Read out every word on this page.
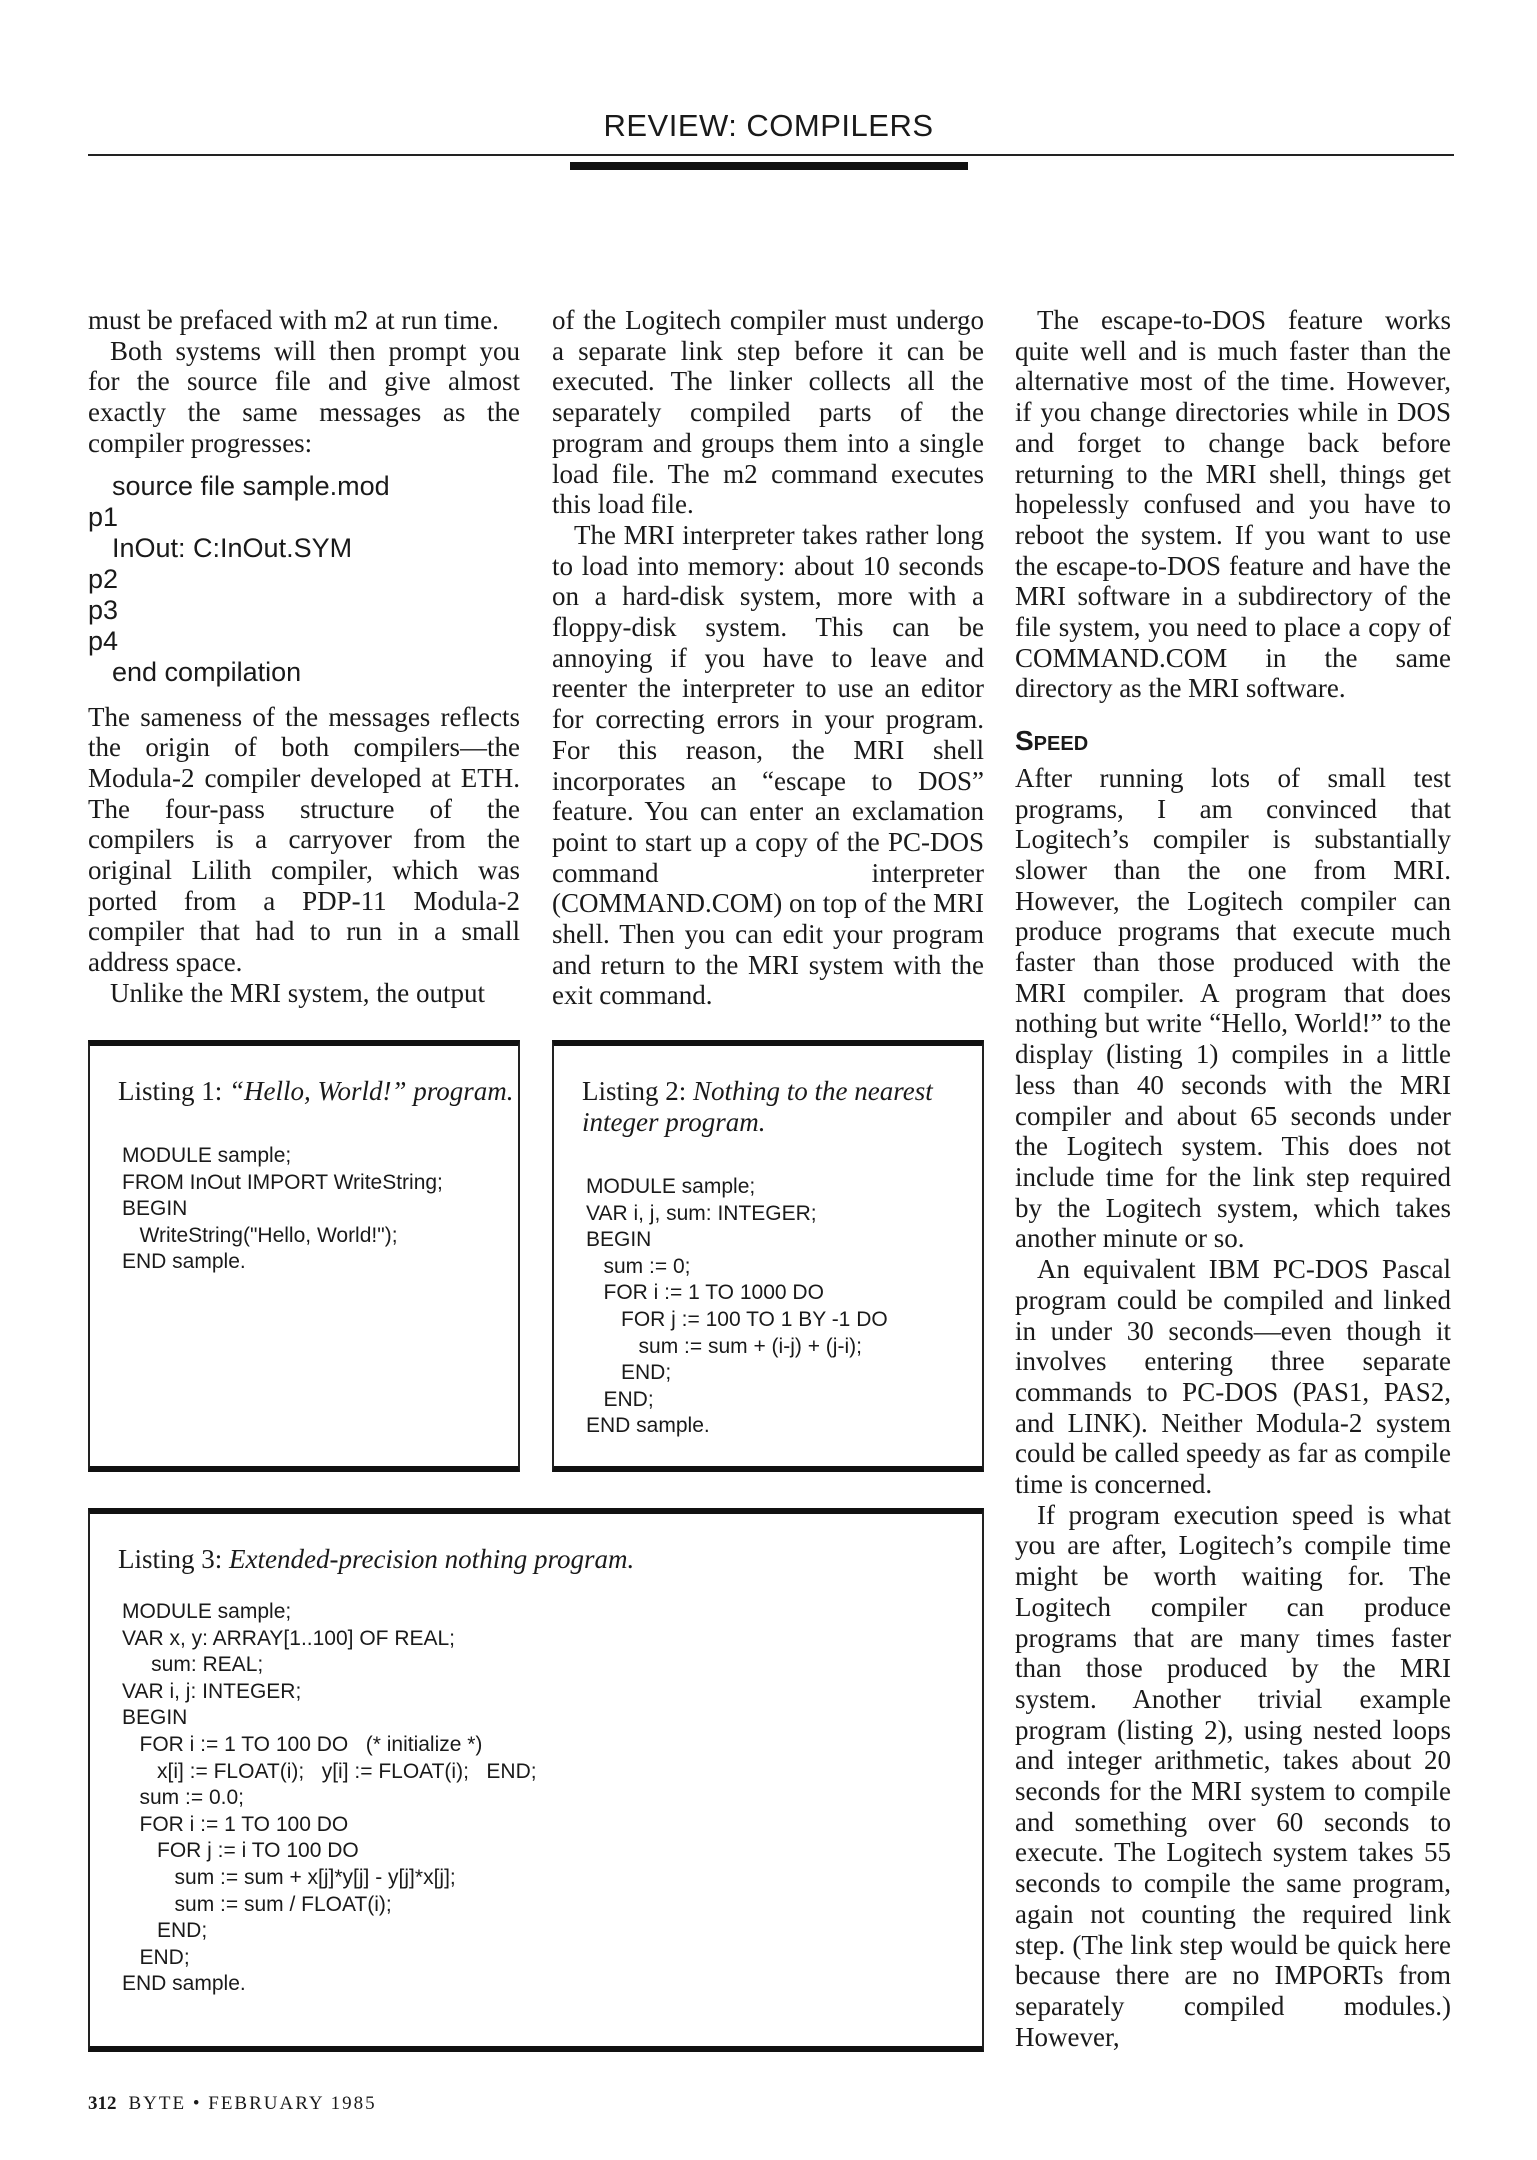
REVIEW: COMPILERS

must be prefaced with m2 at run time.

Both systems will then prompt you for the source file and give almost exactly the same messages as the compiler progresses:

source file sample.mod
p1
InOut: C:InOut.SYM
p2
p3
p4
end compilation

The sameness of the messages reflects the origin of both compilers—the Modula-2 compiler developed at ETH. The four-pass structure of the compilers is a carryover from the original Lilith compiler, which was ported from a PDP-11 Modula-2 compiler that had to run in a small address space.

Unlike the MRI system, the output

of the Logitech compiler must undergo a separate link step before it can be executed. The linker collects all the separately compiled parts of the program and groups them into a single load file. The m2 command executes this load file.

The MRI interpreter takes rather long to load into memory: about 10 seconds on a hard-disk system, more with a floppy-disk system. This can be annoying if you have to leave and reenter the interpreter to use an editor for correcting errors in your program. For this reason, the MRI shell incorporates an “escape to DOS” feature. You can enter an exclamation point to start up a copy of the PC-DOS command interpreter (COMMAND.COM) on top of the MRI shell. Then you can edit your program and return to the MRI system with the exit command.

The escape-to-DOS feature works quite well and is much faster than the alternative most of the time. However, if you change directories while in DOS and forget to change back before returning to the MRI shell, things get hopelessly confused and you have to reboot the system. If you want to use the escape-to-DOS feature and have the MRI software in a subdirectory of the file system, you need to place a copy of COMMAND.COM in the same directory as the MRI software.

Speed

After running lots of small test programs, I am convinced that Logitech’s compiler is substantially slower than the one from MRI. However, the Logitech compiler can produce programs that execute much faster than those produced with the MRI compiler. A program that does nothing but write “Hello, World!” to the display (listing 1) compiles in a little less than 40 seconds with the MRI compiler and about 65 seconds under the Logitech system. This does not include time for the link step required by the Logitech system, which takes another minute or so.

An equivalent IBM PC-DOS Pascal program could be compiled and linked in under 30 seconds—even though it involves entering three separate commands to PC-DOS (PAS1, PAS2, and LINK). Neither Modula-2 system could be called speedy as far as compile time is concerned.

If program execution speed is what you are after, Logitech’s compile time might be worth waiting for. The Logitech compiler can produce programs that are many times faster than those produced by the MRI system. Another trivial example program (listing 2), using nested loops and integer arithmetic, takes about 20 seconds for the MRI system to compile and something over 60 seconds to execute. The Logitech system takes 55 seconds to compile the same program, again not counting the required link step. (The link step would be quick here because there are no IMPORTs from separately compiled modules.) However,

Listing 1: “Hello, World!” program.
MODULE sample;
FROM InOut IMPORT WriteString;
BEGIN
WriteString("Hello, World!");
END sample.
Listing 2: Nothing to the nearest integer program.
MODULE sample;
VAR i, j, sum: INTEGER;
BEGIN
sum := 0;
FOR i := 1 TO 1000 DO
FOR j := 100 TO 1 BY -1 DO
sum := sum + (i-j) + (j-i);
END;
END;
END sample.
Listing 3: Extended-precision nothing program.
MODULE sample;
VAR x, y: ARRAY[1..100] OF REAL;
sum: REAL;
VAR i, j: INTEGER;
BEGIN
FOR i := 1 TO 100 DO   (* initialize *)
x[i] := FLOAT(i);   y[i] := FLOAT(i);   END;
sum := 0.0;
FOR i := 1 TO 100 DO
FOR j := i TO 100 DO
sum := sum + x[j]*y[j] - y[j]*x[j];
sum := sum / FLOAT(i);
END;
END;
END sample.
312 BYTE • FEBRUARY 1985
